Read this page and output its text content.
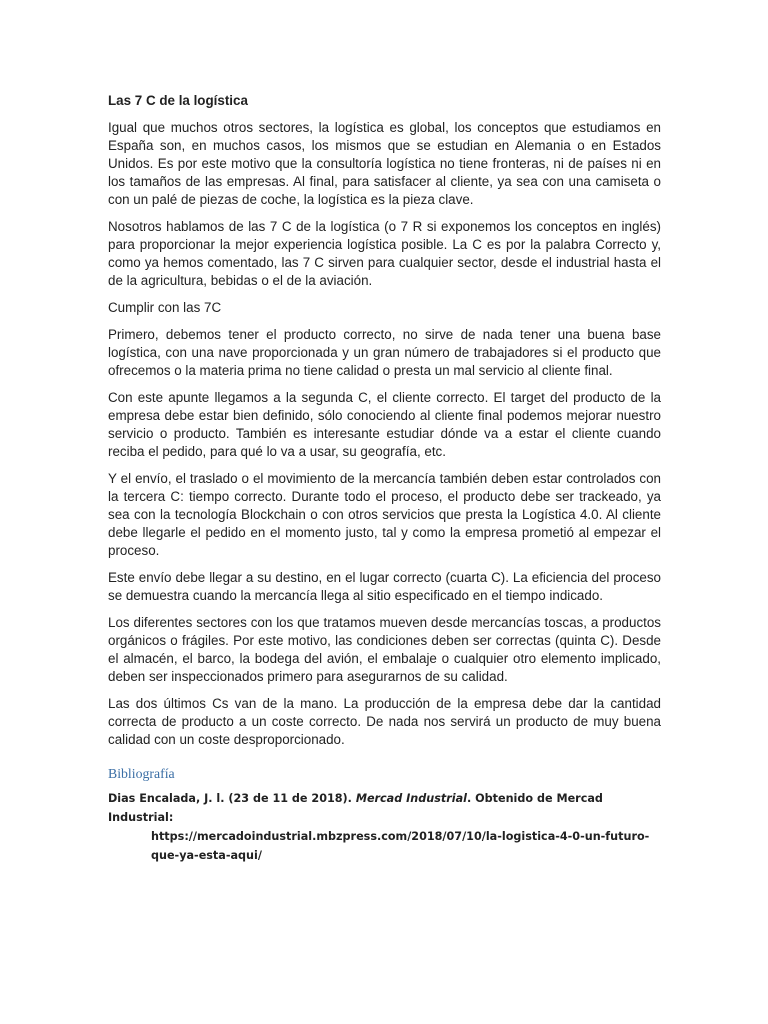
Las 7 C de la logística

Igual que muchos otros sectores, la logística es global, los conceptos que estudiamos en España son, en muchos casos, los mismos que se estudian en Alemania o en Estados Unidos. Es por este motivo que la consultoría logística no tiene fronteras, ni de países ni en los tamaños de las empresas. Al final, para satisfacer al cliente, ya sea con una camiseta o con un palé de piezas de coche, la logística es la pieza clave.

Nosotros hablamos de las 7 C de la logística (o 7 R si exponemos los conceptos en inglés) para proporcionar la mejor experiencia logística posible. La C es por la palabra Correcto y, como ya hemos comentado, las 7 C sirven para cualquier sector, desde el industrial hasta el de la agricultura, bebidas o el de la aviación.

Cumplir con las 7C

Primero, debemos tener el producto correcto, no sirve de nada tener una buena base logística, con una nave proporcionada y un gran número de trabajadores si el producto que ofrecemos o la materia prima no tiene calidad o presta un mal servicio al cliente final.

Con este apunte llegamos a la segunda C, el cliente correcto. El target del producto de la empresa debe estar bien definido, sólo conociendo al cliente final podemos mejorar nuestro servicio o producto. También es interesante estudiar dónde va a estar el cliente cuando reciba el pedido, para qué lo va a usar, su geografía, etc.

Y el envío, el traslado o el movimiento de la mercancía también deben estar controlados con la tercera C: tiempo correcto. Durante todo el proceso, el producto debe ser trackeado, ya sea con la tecnología Blockchain o con otros servicios que presta la Logística 4.0. Al cliente debe llegarle el pedido en el momento justo, tal y como la empresa prometió al empezar el proceso.

Este envío debe llegar a su destino, en el lugar correcto (cuarta C). La eficiencia del proceso se demuestra cuando la mercancía llega al sitio especificado en el tiempo indicado.

Los diferentes sectores con los que tratamos mueven desde mercancías toscas, a productos orgánicos o frágiles. Por este motivo, las condiciones deben ser correctas (quinta C). Desde el almacén, el barco, la bodega del avión, el embalaje o cualquier otro elemento implicado, deben ser inspeccionados primero para asegurarnos de su calidad.

Las dos últimos Cs van de la mano. La producción de la empresa debe dar la cantidad correcta de producto a un coste correcto. De nada nos servirá un producto de muy buena calidad con un coste desproporcionado.

Bibliografía
Dias Encalada, J. l. (23 de 11 de 2018). Mercad Industrial. Obtenido de Mercad Industrial:
https://mercadoindustrial.mbzpress.com/2018/07/10/la-logistica-4-0-un-futuro-que-ya-esta-aqui/
